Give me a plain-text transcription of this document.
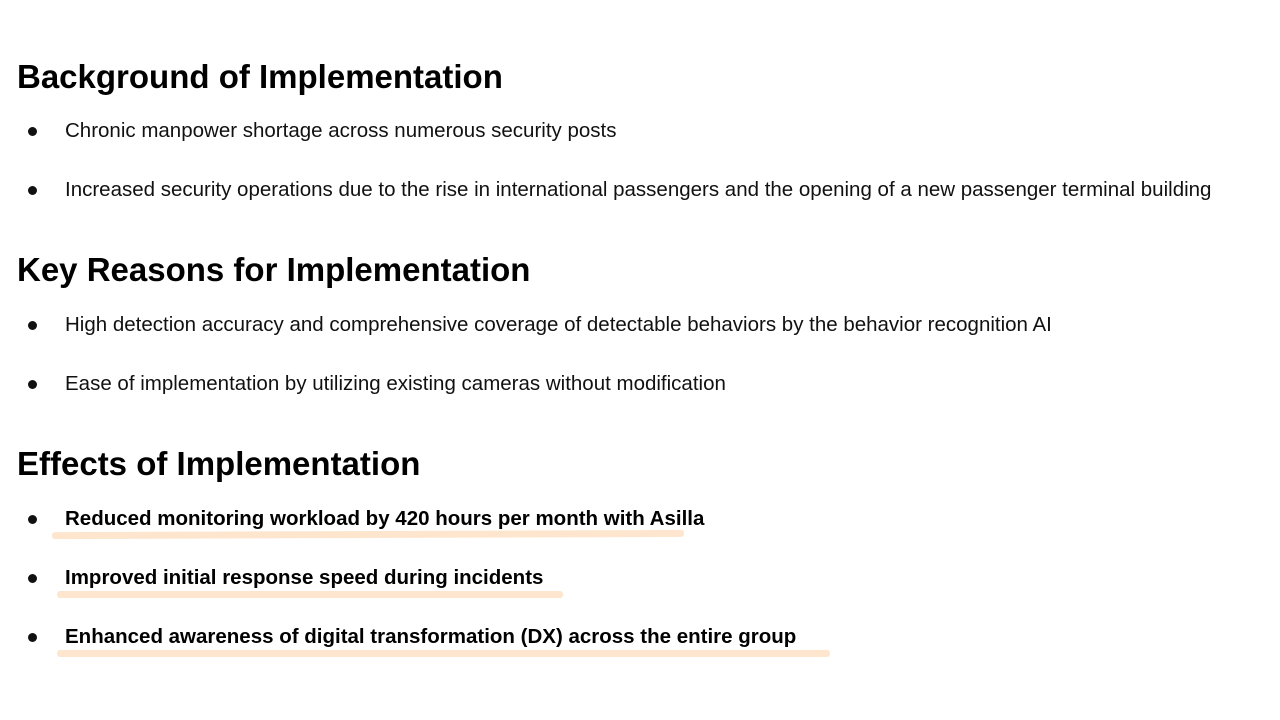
Background of Implementation
Chronic manpower shortage across numerous security posts
Increased security operations due to the rise in international passengers and the opening of a new passenger terminal building
Key Reasons for Implementation
High detection accuracy and comprehensive coverage of detectable behaviors by the behavior recognition AI
Ease of implementation by utilizing existing cameras without modification
Effects of Implementation
Reduced monitoring workload by 420 hours per month with Asilla
Improved initial response speed during incidents
Enhanced awareness of digital transformation (DX) across the entire group
